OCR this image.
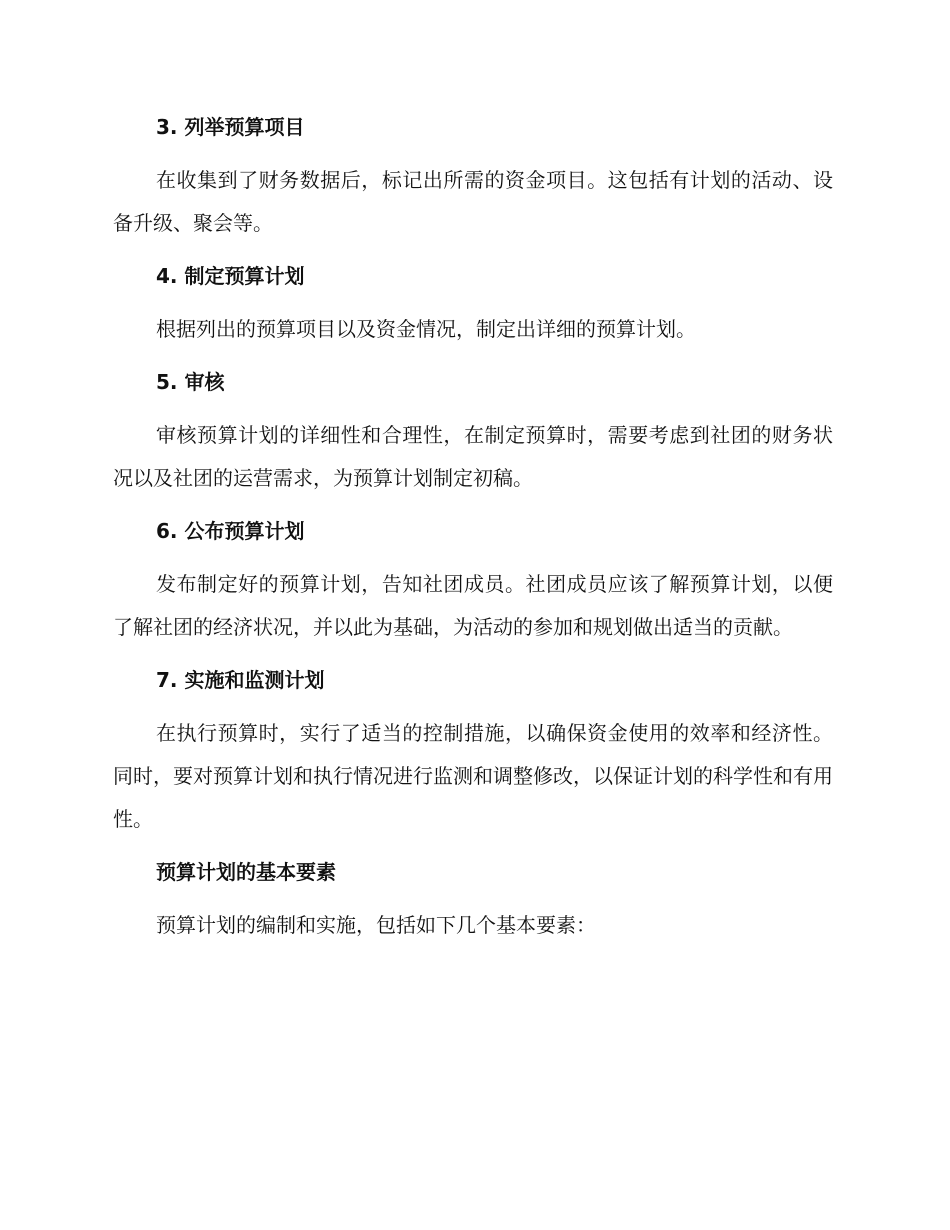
3. 列举预算项目

在收集到了财务数据后，标记出所需的资金项目。这包括有计划的活动、设备升级、聚会等。

4. 制定预算计划

根据列出的预算项目以及资金情况，制定出详细的预算计划。

5. 审核

审核预算计划的详细性和合理性，在制定预算时，需要考虑到社团的财务状况以及社团的运营需求，为预算计划制定初稿。

6. 公布预算计划

发布制定好的预算计划，告知社团成员。社团成员应该了解预算计划，以便了解社团的经济状况，并以此为基础，为活动的参加和规划做出适当的贡献。

7. 实施和监测计划

在执行预算时，实行了适当的控制措施，以确保资金使用的效率和经济性。同时，要对预算计划和执行情况进行监测和调整修改，以保证计划的科学性和有用性。

预算计划的基本要素

预算计划的编制和实施，包括如下几个基本要素：
